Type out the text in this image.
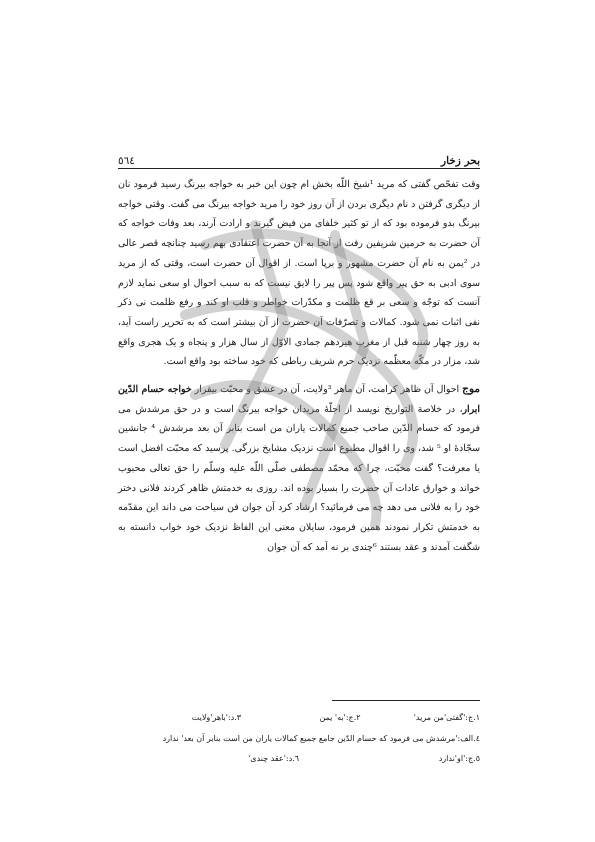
بحر زخار
٥٦٤

وقت تفحّص گفتی که مرید ¹شیخ اللّه بخش ام چون این خبر به خواجه بیرنگ رسید فرمود نان از دیگری گرفتن د نام دیگری بردن از آن روز خود را مرید خواجه بیرنگ می گفت. وقتی خواجه بیرنگ بدو فرموده بود که از تو کثیر خلفای من فیض گیرند و ارادت آرند، بعد وفات خواجه که آن حضرت به حرمین شریفین رفت از آنجا به آن حضرت اعتقادی بهم رسید چنانچه قصر عالی در ²یمن به نام آن حضرت مشهور و برپا است. از اقوال آن حضرت است، وقتی که از مرید سوی ادبی به حق پیر واقع شود پس پیر را لایق نیست که به سبب احوال او سعی نماید لازم آنست که توجّه و سعی بر قع ظلمت و مکدّرات خواطر و قلب او کند و رفع ظلمت نی ذکر نفی اثبات نمی شود. کمالات و تصرّفات آن حضرت از آن بیشتر است که به تحریر راست آید، به روز چهار شنبه قبل از مغرب هیردهم جمادی الاوّل از سال هزار و پنجاه و یک هجری واقع شد، مزار در مکّه معظّمه نزدیک حرم شریف رباطی که خود ساخته بود واقع است.

موج احوال آن ظاهر کرامت، آن ماهر ³ولایت، آن در عشق و محبّت بیقرار خواجه حسام الدّین ابرار، در خلاصة التواریخ نویسد از اجلّهٔ مریدان خواجه بیرنگ است و در حق مرشدش می فرمود که حسام الدّین صاحب جمیع کمالات یاران من است بنابر آن بعد مرشدش ⁴ جانشین سجّادهٔ او ⁵ شد، وی را اقوال مطبوع است نزدیک مشایخ بزرگی. پرسید که محبّت افضل است یا معرفت؟ گفت محبّت، چرا که محمّد مصطفی صلّی اللّه علیه وسلّم را حق تعالی محبوب خواند و خوارق عادات آن حضرت را بسیار بوده اند. روزی به خدمتش ظاهر کردند فلانی دختر خود را به فلانی می دهد چه می فرمائید؟ ارشاد کرد آن جوان فن سیاحت می داند این مقدّمه به خدمتش تکرار نمودند همین فرمود، سایلان معنی این الفاظ نزدیک خود خواب دانسته به شگفت آمدند و عقد بستند ⁶چندی بر نه آمد که آن جوان

١.ج:'گفتی'من مرید'
٢.ج:'به' یمن
٣.د:'باهر'ولایت
٤.الف:'مرشدش می فرمود که حسام الدّین جامع جمیع کمالات یاران من است بنابر آن بعد' ندارد
٥.ج:'او'ندارد
٦.د:'عقد چندی'
